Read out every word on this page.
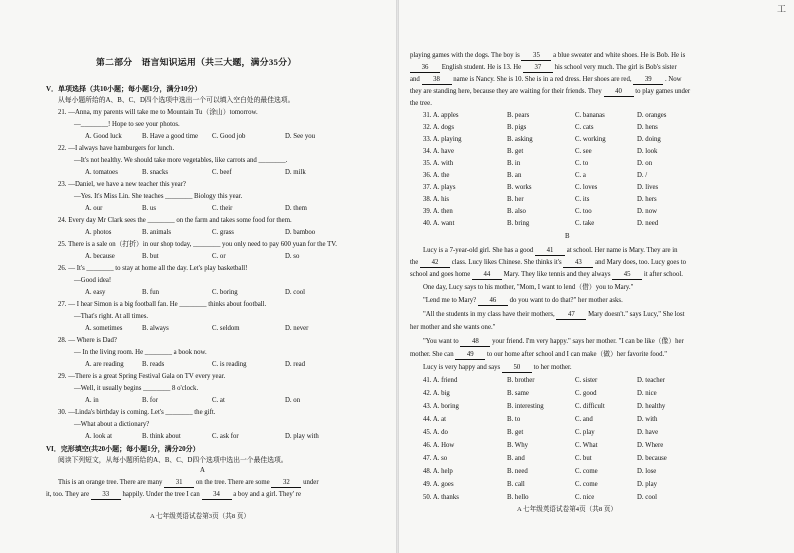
工
第二部分　语言知识运用（共三大题，满分35分）
V．单项选择（共10小题；每小题1分，满分10分）
从每小题所给的A、B、C、D四个选项中选出一个可以填入空白处的最佳选项。
21. —Anna, my parents will take me to Mountain Tu（涂山）tomorrow.
—________! Hope to see your photos.
A. Good luck	B. Have a good time C. Good job	D. See you
22. —I always have hamburgers for lunch.
—It's not healthy. We should take more vegetables, like carrots and ________.
A. tomatoes	B. snacks	C. beef	D. milk
23. —Daniel, we have a new teacher this year?
—Yes. It's Miss Lin. She teaches ________ Biology this year.
A. our	B. us	C. their	D. them
24. Every day Mr Clark sees the ________ on the farm and takes some food for them.
A. photos	B. animals	C. grass	D. bamboo
25. There is a sale on（打折）in our shop today, ________ you only need to pay 600 yuan for the TV.
A. because	B. but	C. or	D. so
26. — It's ________ to stay at home all the day. Let's play basketball!
—Good idea!
A. easy	B. fun	C. boring	D. cool
27. — I hear Simon is a big football fan. He ________ thinks about football.
—That's right. At all times.
A. sometimes	B. always	C. seldom	D. never
28. — Where is Dad?
— In the living room. He ________ a book now.
A. are reading	B. reads	C. is reading	D. read
29. —There is a great Spring Festival Gala on TV every year.
—Well, it usually begins ________ 8 o'clock.
A. in	B. for	C. at	D. on
30. —Linda's birthday is coming. Let's ________ the gift.
—What about a dictionary?
A. look at	B. think about	C. ask for	D. play with
VI．完形填空(共20小题；每小题1分，满分20分）
阅读下列短文，从每小题所给的A、B、C、D四个选项中选出一个最佳选项。
A
This is an orange tree. There are many 31 on the tree. There are some 32 under
it, too. They are 33 happily. Under the tree I can 34 a boy and a girl. They' re
A 七年级英语试卷第3页（共8 页）
playing games with the dogs. The boy is 35 a blue sweater and white shoes. He is Bob. He is
36 English student. He is 13. He 37 his school very much. The girl is Bob's sister
and 38 name is Nancy. She is 10. She is in a red dress. Her shoes are red, 39 . Now
they are standing here, because they are waiting for their friends. They 40 to play games under
the tree.
31. A. apples	B. pears	C. bananas	D. oranges
32. A. dogs	B. pigs	C. cats	D. hens
33. A. playing	B. asking	C. working	D. doing
34. A. have	B. get	C. see	D. look
35. A. with	B. in	C. to	D. on
36. A. the	B. an	C. a	D. /
37. A. plays	B. works	C. loves	D. lives
38. A. his	B. her	C. its	D. hers
39. A. then	B. also	C. too	D. now
40. A. want	B. bring	C. take	D. need
B
Lucy is a 7-year-old girl. She has a good 41 at school. Her name is Mary. They are in
the 42 class. Lucy likes Chinese. She thinks it's 43 and Mary does, too. Lucy goes to
school and goes home 44 Mary. They like tennis and they always 45 it after school.
One day, Lucy says to his mother, "Mom, I want to lend（借）you to Mary."
"Lend me to Mary? 46 do you want to do that?" her mother asks.
"All the students in my class have their mothers, 47 Mary doesn't." says Lucy," She lost
her mother and she wants one."
"You want to 48 your friend. I'm very happy." says her mother. "I can be like（像）her
mother. She can 49 to our home after school and I can make（做）her favorite food."
Lucy is very happy and says 50 to her mother.
41. A. friend	B. brother	C. sister	D. teacher
42. A. big	B. same	C. good	D. nice
43. A. boring	B. interesting	C. difficult	D. healthy
44. A. at	B. to	C. and	D. with
45. A. do	B. get	C. play	D. have
46. A. How	B. Why	C. What	D. Where
47. A. so	B. and	C. but	D. because
48. A. help	B. need	C. come	D. lose
49. A. goes	B. call	C. come	D. play
50. A. thanks	B. hello	C. nice	D. cool
A 七年级英语试卷第4页（共8 页）
